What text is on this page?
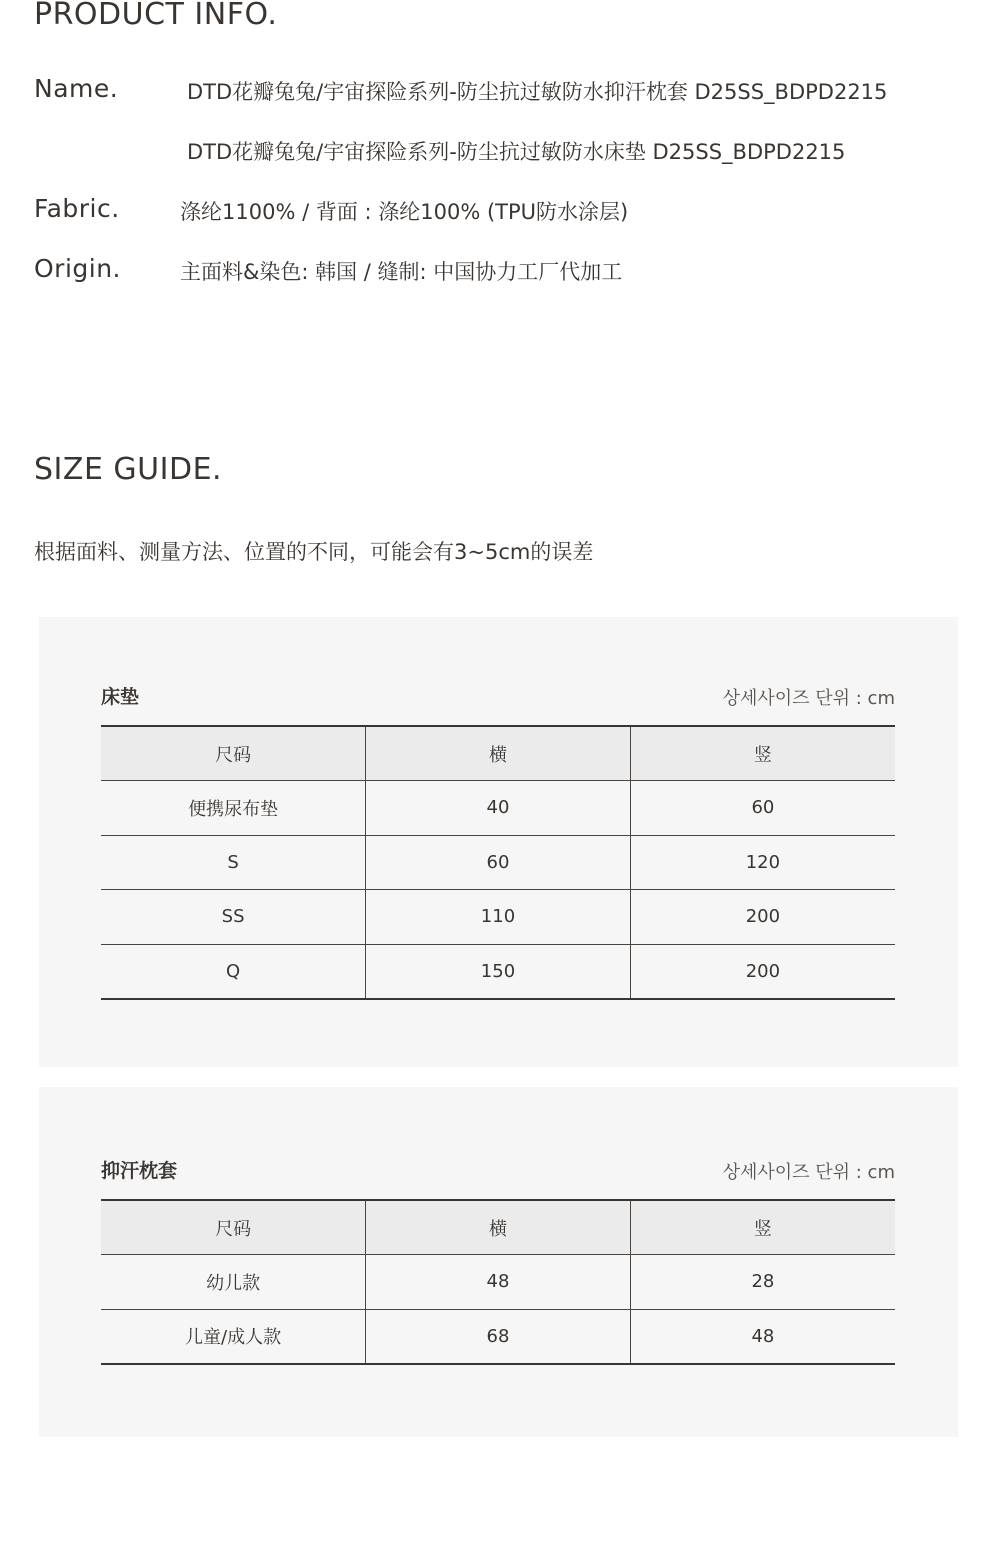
PRODUCT INFO.
Name.	DTD花瓣兔兔/宇宙探险系列-防尘抗过敏防水抑汗枕套 D25SS_BDPD2215
DTD花瓣兔兔/宇宙探险系列-防尘抗过敏防水床垫 D25SS_BDPD2215
Fabric.	涤纶1100% / 背面 : 涤纶100% (TPU防水涂层)
Origin.	主面料&染色: 韩国 / 缝制: 中国协力工厂代加工
SIZE GUIDE.
根据面料、测量方法、位置的不同，可能会有3~5cm的误差
床垫	상세사이즈 단위 : cm
尺码	横	竖
便携尿布垫	40	60
S	60	120
SS	110	200
Q	150	200
抑汗枕套	상세사이즈 단위 : cm
尺码	横	竖
幼儿款	48	28
儿童/成人款	68	48
